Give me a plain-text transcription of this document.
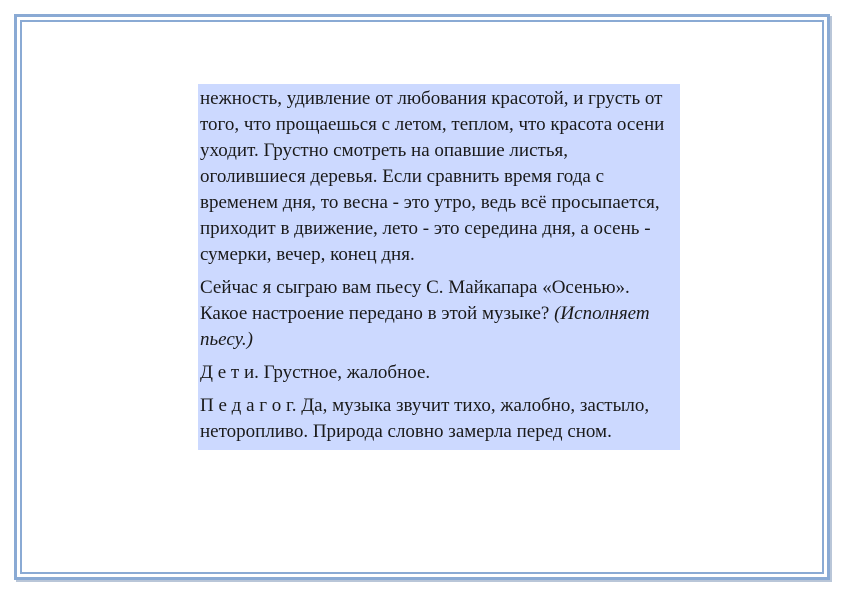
нежность, удивление от любования красотой, и грусть от того, что прощаешься с летом, теплом, что красота осени уходит. Грустно смотреть на опавшие листья, оголившиеся деревья. Если сравнить время года с временем дня, то весна - это утро, ведь всё просыпается, приходит в движение, лето - это середина дня, а осень - сумерки, вечер, конец дня.

Сейчас я сыграю вам пьесу С. Майкапара «Осенью». Какое настроение передано в этой музыке? (Исполняет пьесу.)

Д е т и. Грустное, жалобное.

П е д а г о г. Да, музыка звучит тихо, жалобно, застыло, неторопливо. Природа словно замерла перед сном.
